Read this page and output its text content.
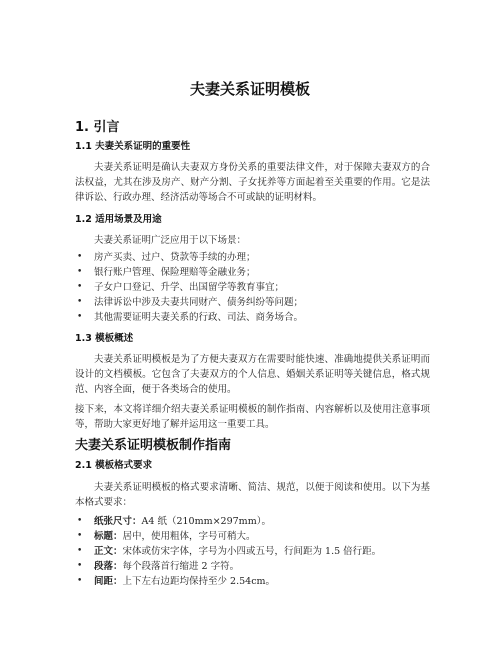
夫妻关系证明模板
1. 引言
1.1 夫妻关系证明的重要性

夫妻关系证明是确认夫妻双方身份关系的重要法律文件，对于保障夫妻双方的合法权益，尤其在涉及房产、财产分割、子女抚养等方面起着至关重要的作用。它是法律诉讼、行政办理、经济活动等场合不可或缺的证明材料。

1.2 适用场景及用途

夫妻关系证明广泛应用于以下场景：

• 房产买卖、过户、贷款等手续的办理；
• 银行账户管理、保险理赔等金融业务；
• 子女户口登记、升学、出国留学等教育事宜；
• 法律诉讼中涉及夫妻共同财产、债务纠纷等问题；
• 其他需要证明夫妻关系的行政、司法、商务场合。
1.3 模板概述

夫妻关系证明模板是为了方便夫妻双方在需要时能快速、准确地提供关系证明而设计的文档模板。它包含了夫妻双方的个人信息、婚姻关系证明等关键信息，格式规范、内容全面，便于各类场合的使用。

接下来，本文将详细介绍夫妻关系证明模板的制作指南、内容解析以及使用注意事项等，帮助大家更好地了解并运用这一重要工具。

夫妻关系证明模板制作指南
2.1 模板格式要求

夫妻关系证明模板的格式要求清晰、简洁、规范，以便于阅读和使用。以下为基本格式要求：

• 纸张尺寸：A4 纸（210mm×297mm）。
• 标题：居中，使用粗体，字号可稍大。
• 正文：宋体或仿宋字体，字号为小四或五号，行间距为 1.5 倍行距。
• 段落：每个段落首行缩进 2 字符。
• 间距：上下左右边距均保持至少 2.54cm。
